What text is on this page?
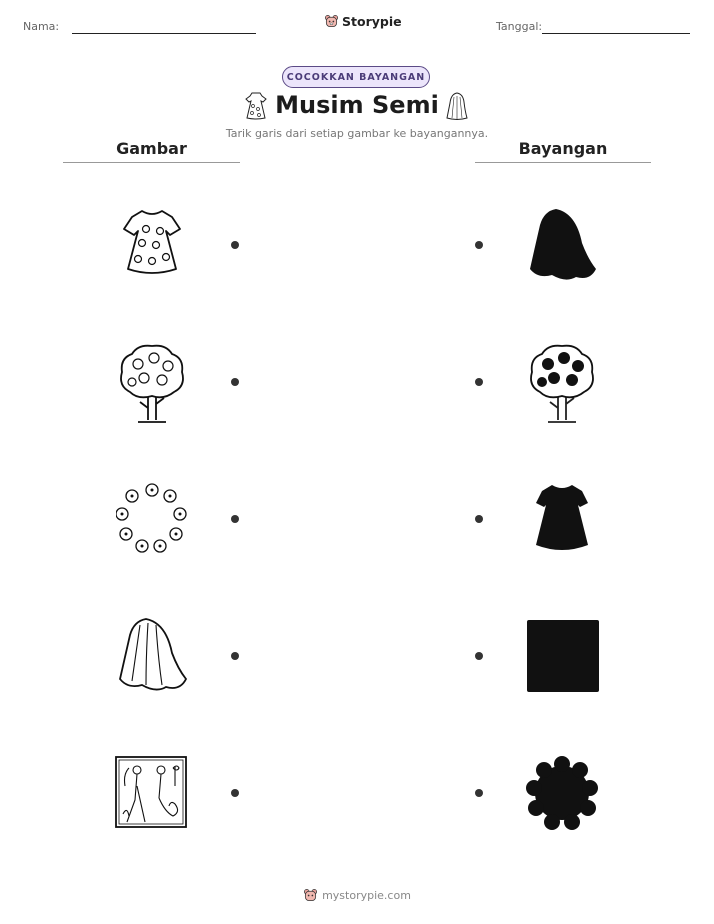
Nama:	Storypie	Tanggal:
COCOKKAN BAYANGAN
Musim Semi
Tarik garis dari setiap gambar ke bayangannya.
Gambar	Bayangan
mystorypie.com
